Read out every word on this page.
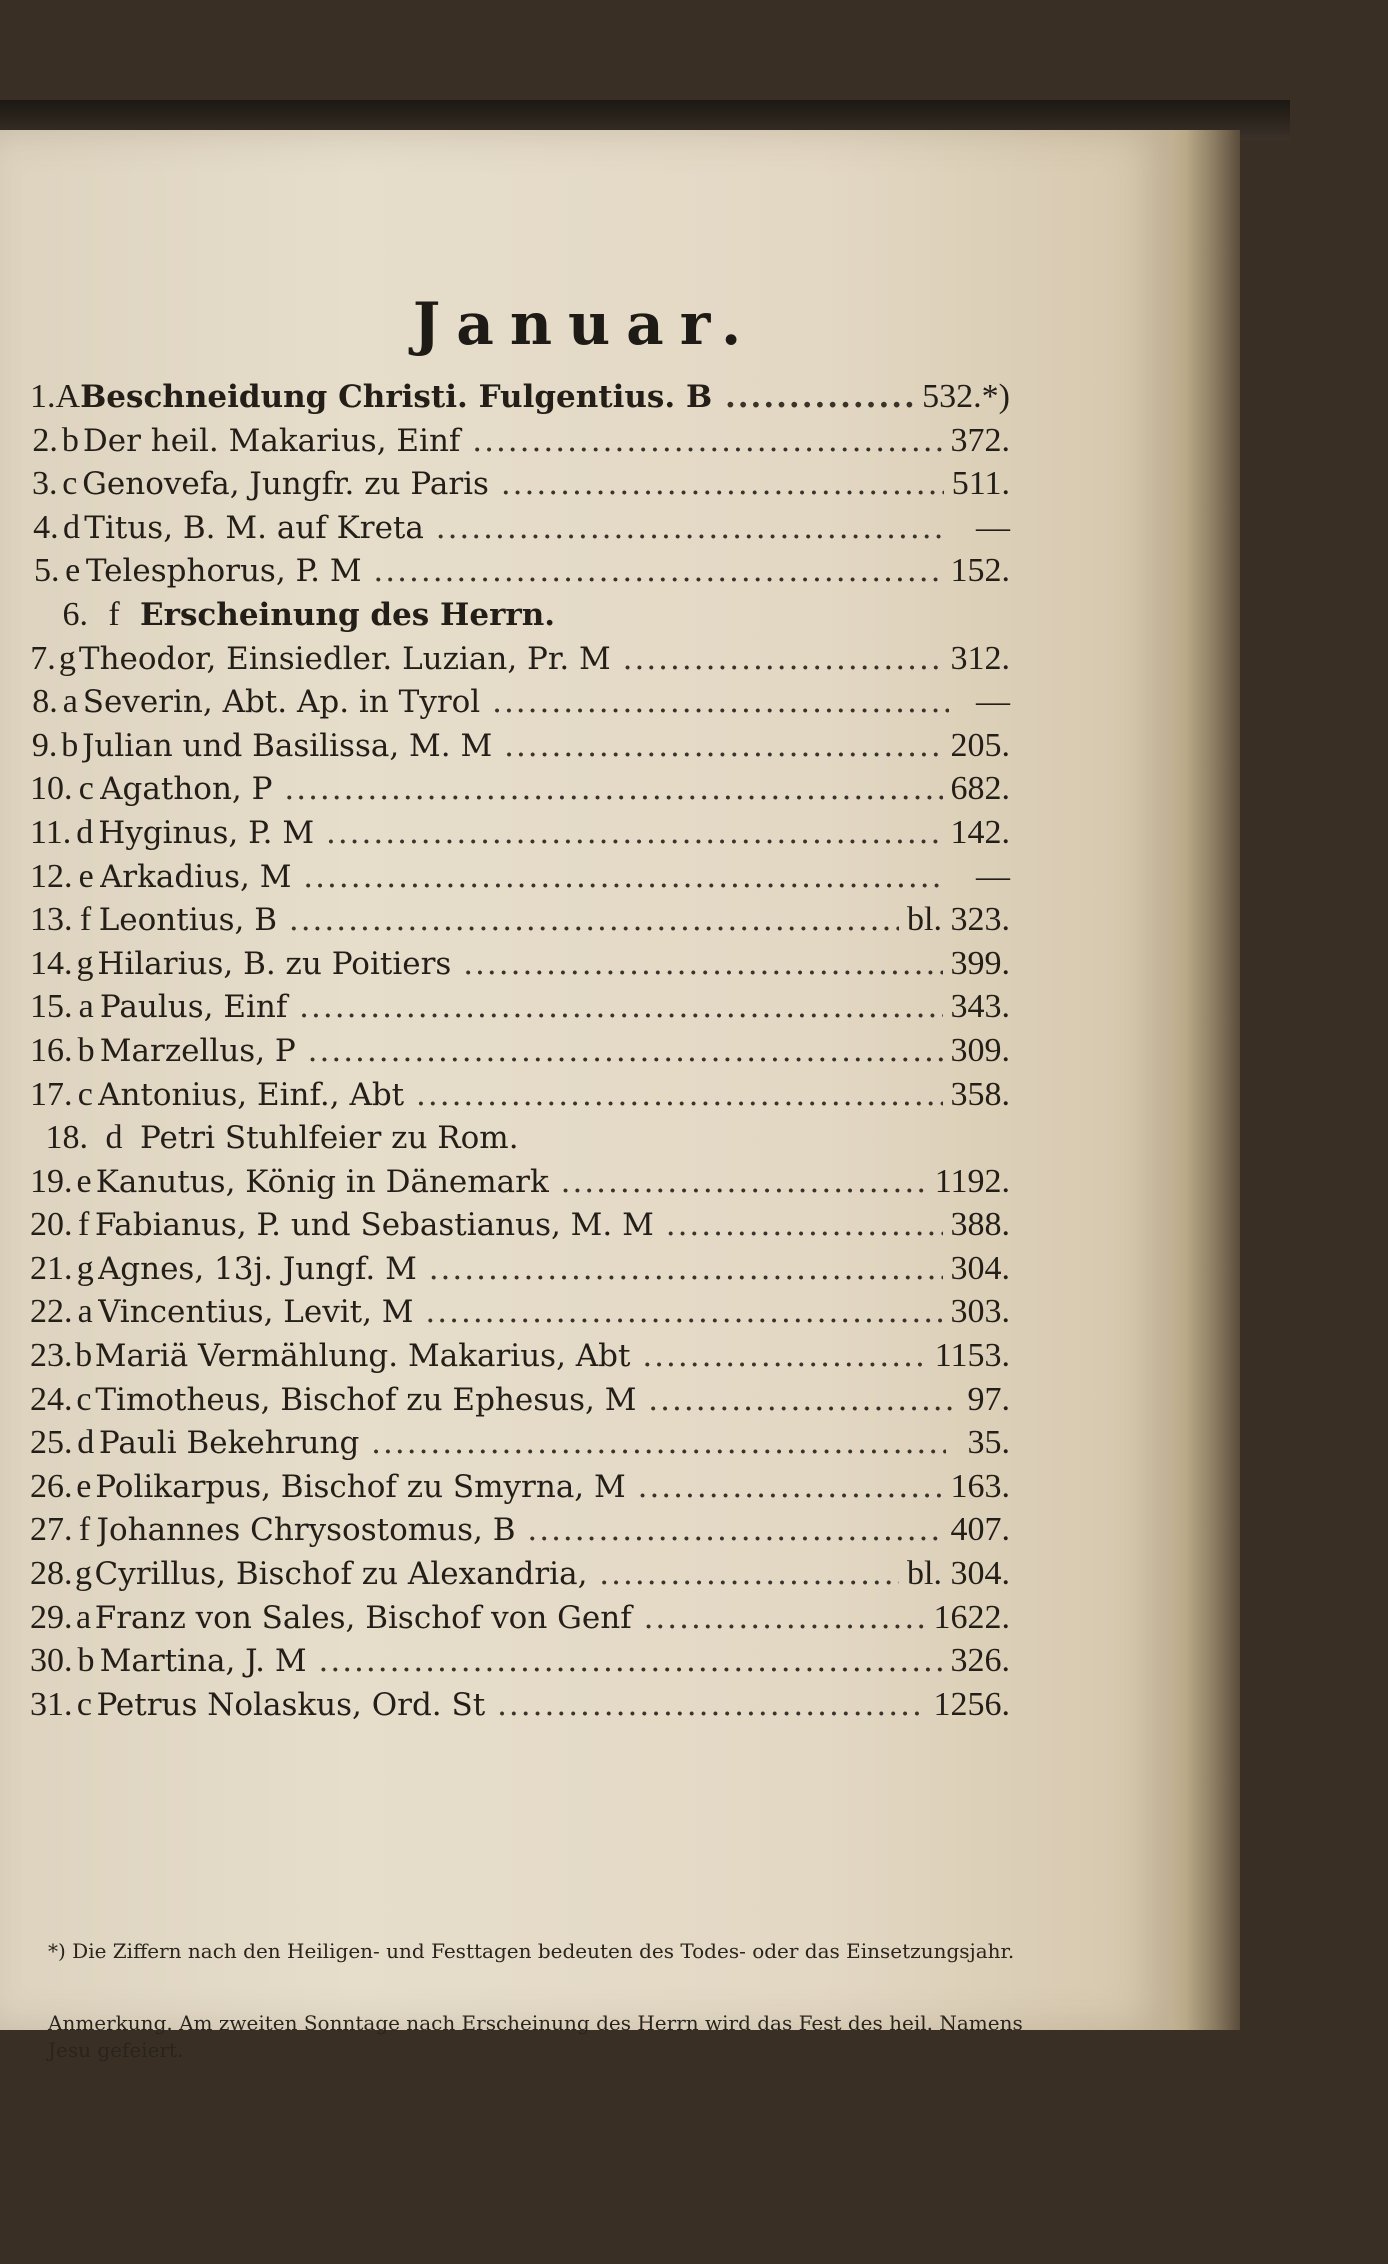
Januar.
1. A Beschneidung Christi. Fulgentius. B .....	532.*)
2. b Der heil. Makarius, Einf .....	372.
3. c Genovefa, Jungfr. zu Paris .....	511.
4. d Titus, B. M. auf Kreta .....	—
5. e Telesphorus, P. M .....	152.
6. f Erscheinung des Herrn.
7. g Theodor, Einsiedler. Luzian, Pr. M .....	312.
8. a Severin, Abt. Ap. in Tyrol .....	—
9. b Julian und Basilissa, M. M .....	205.
10. c Agathon, P .....	682.
11. d Hyginus, P. M .....	142.
12. e Arkadius, M .....	—
13. f Leontius, B .....	bl. 323.
14. g Hilarius, B. zu Poitiers .....	399.
15. a Paulus, Einf .....	343.
16. b Marzellus, P .....	309.
17. c Antonius, Einf., Abt .....	358.
18. d Petri Stuhlfeier zu Rom.
19. e Kanutus, König in Dänemark .....	1192.
20. f Fabianus, P. und Sebastianus, M. M .....	388.
21. g Agnes, 13j. Jungf. M .....	304.
22. a Vincentius, Levit, M .....	303.
23. b Mariä Vermählung. Makarius, Abt .....	1153.
24. c Timotheus, Bischof zu Ephesus, M .....	97.
25. d Pauli Bekehrung .....	35.
26. e Polikarpus, Bischof zu Smyrna, M .....	163.
27. f Johannes Chrysostomus, B .....	407.
28. g Cyrillus, Bischof zu Alexandria, .....	bl. 304.
29. a Franz von Sales, Bischof von Genf .....	1622.
30. b Martina, J. M .....	326.
31. c Petrus Nolaskus, Ord. St .....	1256.
*) Die Ziffern nach den Heiligen- und Festtagen bedeuten des Todes- oder das Einsetzungsjahr.
Anmerkung. Am zweiten Sonntage nach Erscheinung des Herrn wird das Fest des heil. Namens Jesu gefeiert.
